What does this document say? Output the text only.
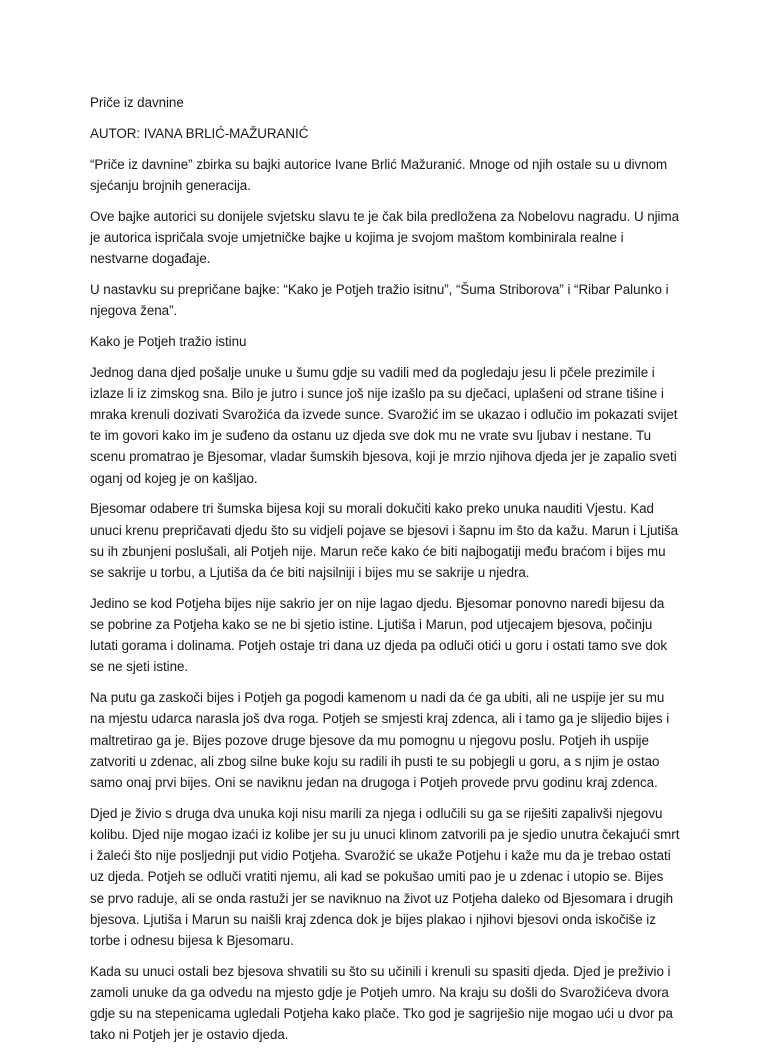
Priče iz davnine

AUTOR: IVANA BRLIĆ-MAŽURANIĆ

“Priče iz davnine” zbirka su bajki autorice Ivane Brlić Mažuranić. Mnoge od njih ostale su u divnom sjećanju brojnih generacija.

Ove bajke autorici su donijele svjetsku slavu te je čak bila predložena za Nobelovu nagradu. U njima je autorica ispričala svoje umjetničke bajke u kojima je svojom maštom kombinirala realne i nestvarne događaje.

U nastavku su prepričane bajke: “Kako je Potjeh tražio isitnu”, “Šuma Striborova” i “Ribar Palunko i njegova žena”.

Kako je Potjeh tražio istinu

Jednog dana djed pošalje unuke u šumu gdje su vadili med da pogledaju jesu li pčele prezimile i izlaze li iz zimskog sna. Bilo je jutro i sunce još nije izašlo pa su dječaci, uplašeni od strane tišine i mraka krenuli dozivati Svarožića da izvede sunce. Svarožić im se ukazao i odlučio im pokazati svijet te im govori kako im je suđeno da ostanu uz djeda sve dok mu ne vrate svu ljubav i nestane. Tu scenu promatrao je Bjesomar, vladar šumskih bjesova, koji je mrzio njihova djeda jer je zapalio sveti oganj od kojeg je on kašljao.

Bjesomar odabere tri šumska bijesa koji su morali dokučiti kako preko unuka nauditi Vjestu. Kad unuci krenu prepričavati djedu što su vidjeli pojave se bjesovi i šapnu im što da kažu. Marun i Ljutiša su ih zbunjeni poslušali, ali Potjeh nije. Marun reče kako će biti najbogatiji među braćom i bijes mu se sakrije u torbu, a Ljutiša da će biti najsilniji i bijes mu se sakrije u njedra.

Jedino se kod Potjeha bijes nije sakrio jer on nije lagao djedu. Bjesomar ponovno naredi bijesu da se pobrine za Potjeha kako se ne bi sjetio istine. Ljutiša i Marun, pod utjecajem bjesova, počinju lutati gorama i dolinama. Potjeh ostaje tri dana uz djeda pa odluči otići u goru i ostati tamo sve dok se ne sjeti istine.

Na putu ga zaskoči bijes i Potjeh ga pogodi kamenom u nadi da će ga ubiti, ali ne uspije jer su mu na mjestu udarca narasla još dva roga. Potjeh se smjesti kraj zdenca, ali i tamo ga je slijedio bijes i maltretirao ga je. Bijes pozove druge bjesove da mu pomognu u njegovu poslu. Potjeh ih uspije zatvoriti u zdenac, ali zbog silne buke koju su radili ih pusti te su pobjegli u goru, a s njim je ostao samo onaj prvi bijes. Oni se naviknu jedan na drugoga i Potjeh provede prvu godinu kraj zdenca.

Djed je živio s druga dva unuka koji nisu marili za njega i odlučili su ga se riješiti zapalivši njegovu kolibu. Djed nije mogao izaći iz kolibe jer su ju unuci klinom zatvorili pa je sjedio unutra čekajući smrt i žaleći što nije posljednji put vidio Potjeha. Svarožić se ukaže Potjehu i kaže mu da je trebao ostati uz djeda. Potjeh se odluči vratiti njemu, ali kad se pokušao umiti pao je u zdenac i utopio se. Bijes se prvo raduje, ali se onda rastuži jer se naviknuo na život uz Potjeha daleko od Bjesomara i drugih bjesova. Ljutiša i Marun su naišli kraj zdenca dok je bijes plakao i njihovi bjesovi onda iskočiše iz torbe i odnesu bijesa k Bjesomaru.

Kada su unuci ostali bez bjesova shvatili su što su učinili i krenuli su spasiti djeda. Djed je preživio i zamoli unuke da ga odvedu na mjesto gdje je Potjeh umro. Na kraju su došli do Svarožićeva dvora gdje su na stepenicama ugledali Potjeha kako plače. Tko god je sagriješio nije mogao ući u dvor pa tako ni Potjeh jer je ostavio djeda.
